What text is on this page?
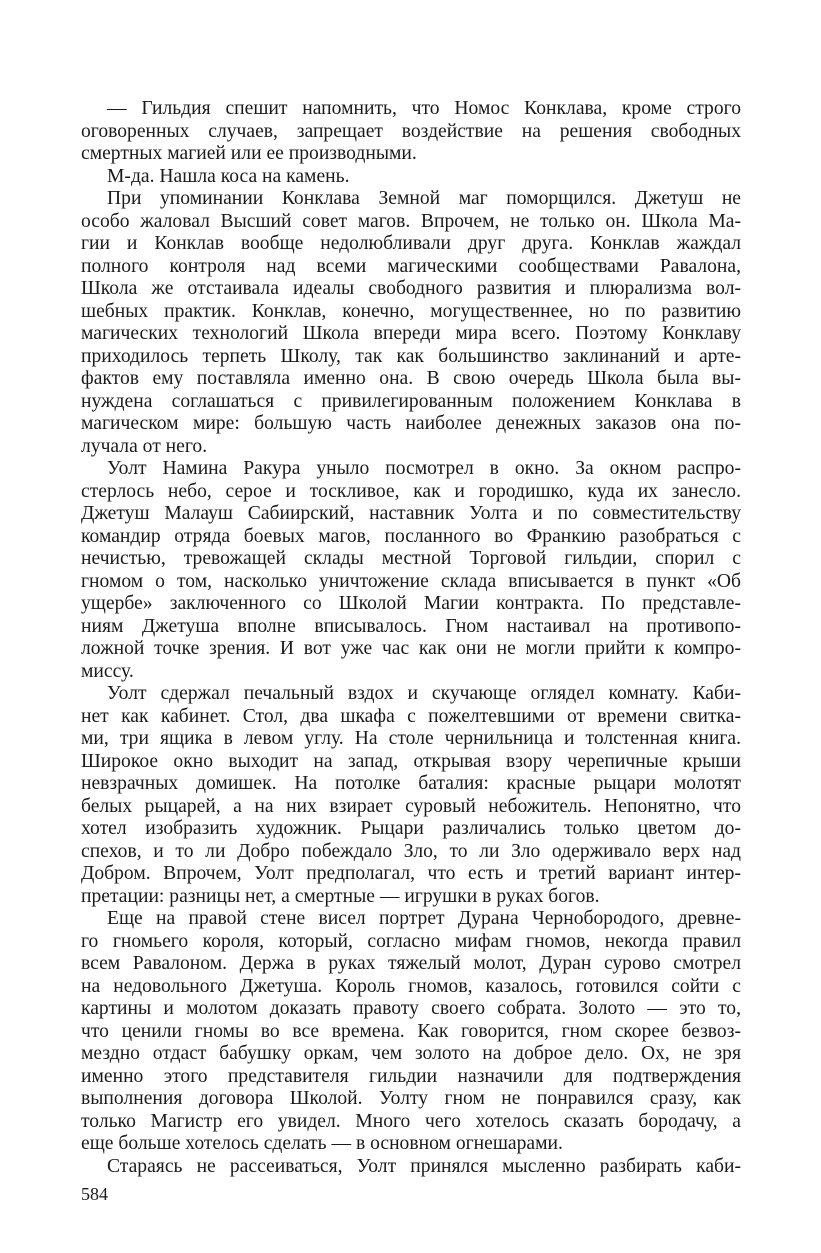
— Гильдия спешит напомнить, что Номос Конклава, кроме строго
оговоренных случаев, запрещает воздействие на решения свободных
смертных магией или ее производными.
М-да. Нашла коса на камень.
При упоминании Конклава Земной маг поморщился. Джетуш не
особо жаловал Высший совет магов. Впрочем, не только он. Школа Ма-
гии и Конклав вообще недолюбливали друг друга. Конклав жаждал
полного контроля над всеми магическими сообществами Равалона,
Школа же отстаивала идеалы свободного развития и плюрализма вол-
шебных практик. Конклав, конечно, могущественнее, но по развитию
магических технологий Школа впереди мира всего. Поэтому Конклаву
приходилось терпеть Школу, так как большинство заклинаний и арте-
фактов ему поставляла именно она. В свою очередь Школа была вы-
нуждена соглашаться с привилегированным положением Конклава в
магическом мире: большую часть наиболее денежных заказов она по-
лучала от него.
Уолт Намина Ракура уныло посмотрел в окно. За окном распро-
стерлось небо, серое и тоскливое, как и городишко, куда их занесло.
Джетуш Малауш Сабиирский, наставник Уолта и по совместительству
командир отряда боевых магов, посланного во Франкию разобраться с
нечистью, тревожащей склады местной Торговой гильдии, спорил с
гномом о том, насколько уничтожение склада вписывается в пункт «Об
ущербе» заключенного со Школой Магии контракта. По представле-
ниям Джетуша вполне вписывалось. Гном настаивал на противопо-
ложной точке зрения. И вот уже час как они не могли прийти к компро-
миссу.
Уолт сдержал печальный вздох и скучающе оглядел комнату. Каби-
нет как кабинет. Стол, два шкафа с пожелтевшими от времени свитка-
ми, три ящика в левом углу. На столе чернильница и толстенная книга.
Широкое окно выходит на запад, открывая взору черепичные крыши
невзрачных домишек. На потолке баталия: красные рыцари молотят
белых рыцарей, а на них взирает суровый небожитель. Непонятно, что
хотел изобразить художник. Рыцари различались только цветом до-
спехов, и то ли Добро побеждало Зло, то ли Зло одерживало верх над
Добром. Впрочем, Уолт предполагал, что есть и третий вариант интер-
претации: разницы нет, а смертные — игрушки в руках богов.
Еще на правой стене висел портрет Дурана Чернобородого, древне-
го гномьего короля, который, согласно мифам гномов, некогда правил
всем Равалоном. Держа в руках тяжелый молот, Дуран сурово смотрел
на недовольного Джетуша. Король гномов, казалось, готовился сойти с
картины и молотом доказать правоту своего собрата. Золото — это то,
что ценили гномы во все времена. Как говорится, гном скорее безвоз-
мездно отдаст бабушку оркам, чем золото на доброе дело. Ох, не зря
именно этого представителя гильдии назначили для подтверждения
выполнения договора Школой. Уолту гном не понравился сразу, как
только Магистр его увидел. Много чего хотелось сказать бородачу, а
еще больше хотелось сделать — в основном огнешарами.
Стараясь не рассеиваться, Уолт принялся мысленно разбирать каби-
584
